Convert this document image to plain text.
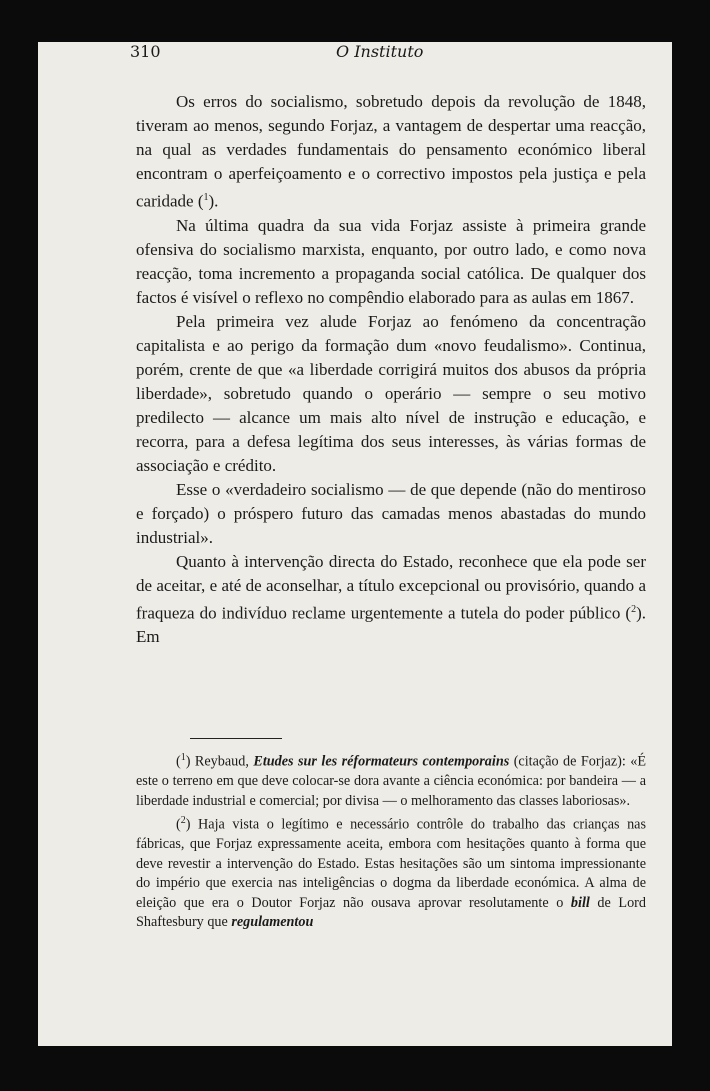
310	O Instituto

Os erros do socialismo, sobretudo depois da revolução de 1848, tiveram ao menos, segundo Forjaz, a vantagem de despertar uma reacção, na qual as verdades fundamentais do pensamento económico liberal encontram o aperfeiçoamento e o correctivo impostos pela justiça e pela caridade ($^1$).

Na última quadra da sua vida Forjaz assiste à primeira grande ofensiva do socialismo marxista, enquanto, por outro lado, e como nova reacção, toma incremento a propaganda social católica. De qualquer dos factos é visível o reflexo no compêndio elaborado para as aulas em 1867.

Pela primeira vez alude Forjaz ao fenómeno da concentração capitalista e ao perigo da formação dum «novo feudalismo». Continua, porém, crente de que «a liberdade corrigirá muitos dos abusos da própria liberdade», sobretudo quando o operário — sempre o seu motivo predilecto — alcance um mais alto nível de instrução e educação, e recorra, para a defesa legítima dos seus interesses, às várias formas de associação e crédito.

Esse o «verdadeiro socialismo — de que depende (não do mentiroso e forçado) o próspero futuro das camadas menos abastadas do mundo industrial».

Quanto à intervenção directa do Estado, reconhece que ela pode ser de aceitar, e até de aconselhar, a título excepcional ou provisório, quando a fraqueza do indivíduo reclame urgentemente a tutela do poder público ($^2$). Em

($^1$) Reybaud, Etudes sur les réformateurs contemporains (citação de Forjaz): «É este o terreno em que deve colocar-se dora avante a ciência económica: por bandeira — a liberdade industrial e comercial; por divisa — o melhoramento das classes laboriosas».

($^2$) Haja vista o legítimo e necessário contrôle do trabalho das crianças nas fábricas, que Forjaz expressamente aceita, embora com hesitações quanto à forma que deve revestir a intervenção do Estado. Estas hesitações são um sintoma impressionante do império que exercia nas inteligências o dogma da liberdade económica. A alma de eleição que era o Doutor Forjaz não ousava aprovar resolutamente o bill de Lord Shaftesbury que regulamentou
